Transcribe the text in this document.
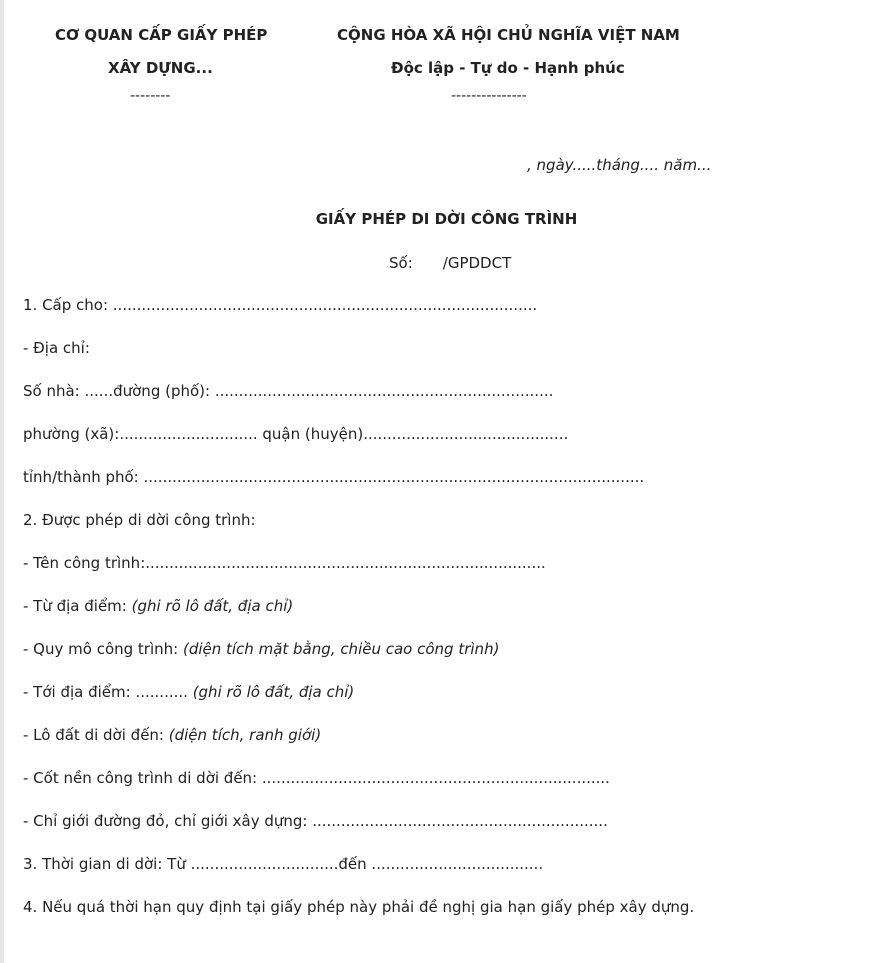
CƠ QUAN CẤP GIẤY PHÉP
XÂY DỰNG...
--------
CỘNG HÒA XÃ HỘI CHỦ NGHĨA VIỆT NAM
Độc lập - Tự do - Hạnh phúc
---------------
, ngày.....tháng.... năm...
GIẤY PHÉP DI DỜI CÔNG TRÌNH
Số: /GPDDCT
1. Cấp cho: .........................................................................................
- Địa chỉ:
Số nhà: ......đường (phố): .......................................................................
phường (xã):............................. quận (huyện)...........................................
tỉnh/thành phố: .........................................................................................................
2. Được phép di dời công trình:
- Tên công trình:....................................................................................
- Từ địa điểm: (ghi rõ lô đất, địa chỉ)
- Quy mô công trình: (diện tích mặt bằng, chiều cao công trình)
- Tới địa điểm: ........... (ghi rõ lô đất, địa chỉ)
- Lô đất di dời đến: (diện tích, ranh giới)
- Cốt nền công trình di dời đến: .........................................................................
- Chỉ giới đường đỏ, chỉ giới xây dựng: ..............................................................
3. Thời gian di dời: Từ ...............................đến ....................................
4. Nếu quá thời hạn quy định tại giấy phép này phải đề nghị gia hạn giấy phép xây dựng.
